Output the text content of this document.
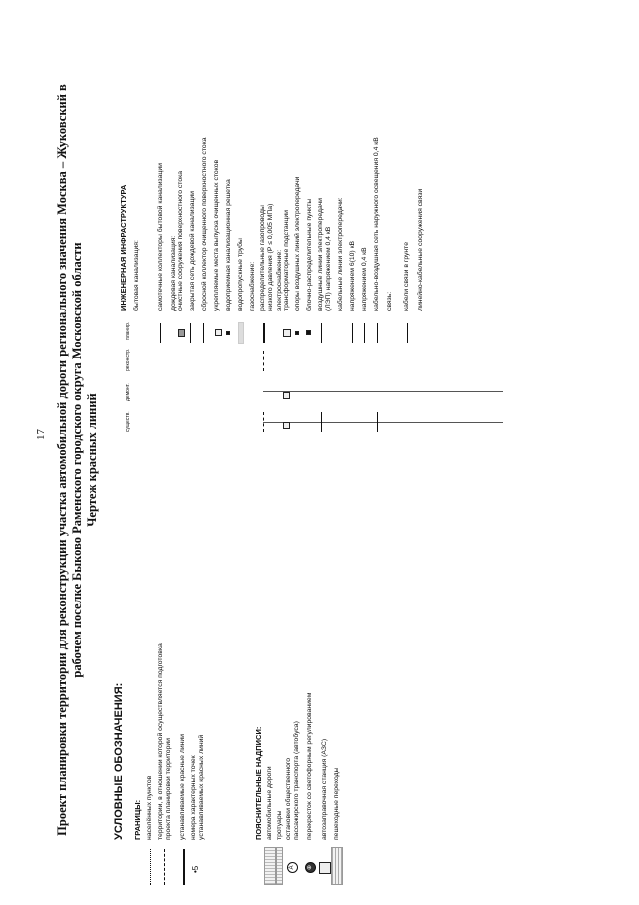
17 Проект планировки территории для реконструкции участка автомобильной дороги регионального значения Москва – Жуковский в рабочем поселке Быково Раменского городского округа Московской области Чертеж красных линий
УСЛОВНЫЕ ОБОЗНАЧЕНИЯ: ГРАНИЦЫ: населённых пунктов территории, в отношении которой осуществляется подготовка проекта планировки территории устанавливаемые красные линии
•5
номера характерных точек устанавливаемых красных линий	ПОЯСНИТЕЛЬНЫЕ НАДПИСИ: автомобильные дороги тротуары
A
остановки общественного пассажирского транспорта (автобуса)
⊕
перекресток со светофорным регулированием автозаправочная станция (АЗС) пешеходные переходы
существ.
демонт.
реконстр.
планир.
ИНЖЕНЕРНАЯ ИНФРАСТРУКТУРА бытовая канализация:	самотечные коллекторы бытовой канализации дождевая канализация: очистные сооружения поверхностного стока закрытая сеть дождевой канализации сбросной коллектор очищенного поверхностного стока укрепляемые места выпуска очищенных стоков водоприемная канализационная решетка водопропускные трубы газоснабжение: распределительные газопроводы низкого давления (Р ≤ 0,005 МПа) электроснабжение: трансформаторные подстанции опоры воздушных линий электропередачи блочно-распределительные пункты воздушные линии электропередачи (ЛЭП) напряжением 0,4 кВ кабельные линии электропередачи: напряжением 6(10) кВ напряжением 0,4 кВ кабельно-воздушная сеть наружного освещения 0,4 кВ связь: кабели связи в грунте линейно-кабельные сооружения связи
